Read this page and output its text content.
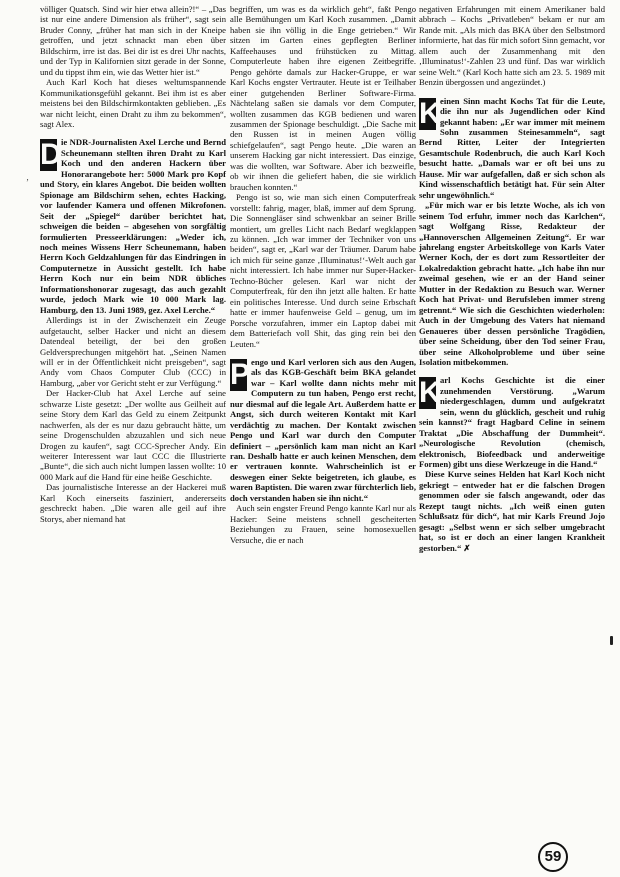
völliger Quatsch. Sind wir hier etwa allein?!“ – „Das ist nur eine andere Dimension als früher“, sagt sein Bruder Conny, „früher hat man sich in der Kneipe getroffen, und jetzt schnackt man eben über Bildschirm, irre ist das. Bei dir ist es drei Uhr nachts, und der Typ in Kalifornien sitzt gerade in der Sonne, und du tippst ihm ein, wie das Wetter hier ist.“

Auch Karl Koch hat dieses weltumspannende Kommunikationsgefühl gekannt. Bei ihm ist es aber meistens bei den Bildschirmkontakten geblieben. „Es war nicht leicht, einen Draht zu ihm zu bekommen“, sagt Alex.

D ie NDR-Journalisten Axel Lerche und Bernd Scheunemann stellten ihren Draht zu Karl Koch und den anderen Hackern über Honorarangebote her: 5000 Mark pro Kopf und Story, ein klares Angebot. Die beiden wollten Spionage am Bildschirm sehen, echtes Hacking, vor laufender Kamera und offenen Mikrofonen. Seit der „Spiegel“ darüber berichtet hat, schweigen die beiden – abgesehen von sorgfältig formulierten Presseerklärungen: „Weder ich, noch meines Wissens Herr Scheunemann, haben Herrn Koch Geldzahlungen für das Eindringen in Computernetze in Aussicht gestellt. Ich habe Herrn Koch nur ein beim NDR übliches Informationshonorar zugesagt, das auch gezahlt wurde, jedoch Mark wie 10 000 Mark lag. Hamburg, den 13. Juni 1989, gez. Axel Lerche.“

Allerdings ist in der Zwischenzeit ein Zeuge aufgetaucht, selber Hacker und nicht an diesem Datendeal beteiligt, der bei den großen Geldversprechungen mitgehört hat. „Seinen Namen will er in der Öffentlichkeit nicht preisgeben“, sagt Andy vom Chaos Computer Club (CCC) in Hamburg, „aber vor Gericht steht er zur Verfügung.“

Der Hacker-Club hat Axel Lerche auf seine schwarze Liste gesetzt: „Der wollte aus Geilheit auf seine Story dem Karl das Geld zu einem Zeitpunkt nachwerfen, als der es nur dazu gebraucht hätte, um seine Drogenschulden abzuzahlen und sich neue Drogen zu kaufen“, sagt CCC-Sprecher Andy. Ein weiterer Interessent war laut CCC die Illustrierte „Bunte“, die sich auch nicht lumpen lassen wollte: 10 000 Mark auf die Hand für eine heiße Geschichte.

Das journalistische Interesse an der Hackerei muß Karl Koch einerseits fasziniert, andererseits geschreckt haben. „Die waren alle geil auf ihre Storys, aber niemand hat

begriffen, um was es da wirklich geht“, faßt Pengo alle Bemühungen um Karl Koch zusammen. „Damit haben sie ihn völlig in die Enge getrieben.“ Wir sitzen im Garten eines gepflegten Berliner Kaffeehauses und frühstücken zu Mittag. Computerleute haben ihre eigenen Zeitbegriffe. Pengo gehörte damals zur Hacker-Gruppe, er war Karl Kochs engster Vertrauter. Heute ist er Teilhaber einer gutgehenden Berliner Software-Firma. Nächtelang saßen sie damals vor dem Computer, wollten zusammen das KGB bedienen und waren zusammen der Spionage beschuldigt. „Die Sache mit den Russen ist in meinen Augen völlig schiefgelaufen“, sagt Pengo heute. „Die waren an unserem Hacking gar nicht interessiert. Das einzige, was die wollten, war Software. Aber ich bezweifle, ob wir ihnen die geliefert haben, die sie wirklich brauchen konnten.“

Pengo ist so, wie man sich einen Computerfreak vorstellt: fahrig, mager, blaß, immer auf dem Sprung. Die Sonnengläser sind schwenkbar an seiner Brille montiert, um grelles Licht nach Bedarf wegklappen zu können. „Ich war immer der Techniker von uns beiden“, sagt er, „Karl war der Träumer. Darum habe ich mich für seine ganze ‚Illuminatus!‘-Welt auch gar nicht interessiert. Ich habe immer nur Super-Hacker-Techno-Bücher gelesen. Karl war nicht der Computerfreak, für den ihn jetzt alle halten. Er hatte ein politisches Interesse. Und durch seine Erbschaft hatte er immer haufenweise Geld – genug, um im Porsche vorzufahren, immer ein Laptop dabei mit dem Batteriefach voll Shit, das ging rein bei den Leuten.“

P engo und Karl verloren sich aus den Augen, als das KGB-Geschäft beim BKA gelandet war – Karl wollte dann nichts mehr mit Computern zu tun haben, Pengo erst recht, nur diesmal auf die legale Art. Außerdem hatte er Angst, sich durch weiteren Kontakt mit Karl verdächtig zu machen. Der Kontakt zwischen Pengo und Karl war durch den Computer definiert – „persönlich kam man nicht an Karl ran. Deshalb hatte er auch keinen Menschen, dem er vertrauen konnte. Wahrscheinlich ist er deswegen einer Sekte beigetreten, ich glaube, es waren Baptisten. Die waren zwar fürchterlich lieb, doch verstanden haben sie ihn nicht.“

Auch sein engster Freund Pengo kannte Karl nur als Hacker: Seine meistens schnell gescheiterten Beziehungen zu Frauen, seine homosexuellen Versuche, die er nach

negativen Erfahrungen mit einem Amerikaner bald abbrach – Kochs „Privatleben“ bekam er nur am Rande mit. „Als mich das BKA über den Selbstmord informierte, hat das für mich sofort Sinn gemacht, vor allem auch der Zusammenhang mit den ‚Illuminatus!‘-Zahlen 23 und fünf. Das war wirklich seine Welt.“ (Karl Koch hatte sich am 23. 5. 1989 mit Benzin übergossen und angezündet.)

K einen Sinn macht Kochs Tat für die Leute, die ihn nur als Jugendlichen oder Kind gekannt haben: „Er war immer mit meinem Sohn zusammen Steinesammeln“, sagt Bernd Ritter, Leiter der Integrierten Gesamtschule Rodenbruch, die auch Karl Koch besucht hatte. „Damals war er oft bei uns zu Hause. Mir war aufgefallen, daß er sich schon als Kind wissenschaftlich betätigt hat. Für sein Alter sehr ungewöhnlich.“

„Für mich war er bis letzte Woche, als ich von seinem Tod erfuhr, immer noch das Karlchen“, sagt Wolfgang Risse, Redakteur der „Hannoverschen Allgemeinen Zeitung“. Er war jahrelang engster Arbeitskollege von Karls Vater Werner Koch, der es dort zum Ressortleiter der Lokalredaktion gebracht hatte. „Ich habe ihn nur zweimal gesehen, wie er an der Hand seiner Mutter in der Redaktion zu Besuch war. Werner Koch hat Privat- und Berufsleben immer streng getrennt.“ Wie sich die Geschichten wiederholen: Auch in der Umgebung des Vaters hat niemand Genaueres über dessen persönliche Tragödien, über seine Scheidung, über den Tod seiner Frau, über seine Alkoholprobleme und über seine Isolation mitbekommen.

K arl Kochs Geschichte ist die einer zunehmenden Verstörung. „Warum niedergeschlagen, dumm und aufgekratzt sein, wenn du glücklich, gescheit und ruhig sein kannst?“ fragt Hagbard Celine in seinem Traktat „Die Abschaffung der Dummheit“. „Neurologische Revolution (chemisch, elektronisch, Biofeedback und anderweitige Formen) gibt uns diese Werkzeuge in die Hand.“

Diese Kurve seines Helden hat Karl Koch nicht gekriegt – entweder hat er die falschen Drogen genommen oder sie falsch angewandt, oder das Rezept taugt nichts. „Ich weiß einen guten Schlußsatz für dich“, hat mir Karls Freund Jojo gesagt: „Selbst wenn er sich selber umgebracht hat, so ist er doch an einer langen Krankheit gestorben.“ ✗

‚
59
